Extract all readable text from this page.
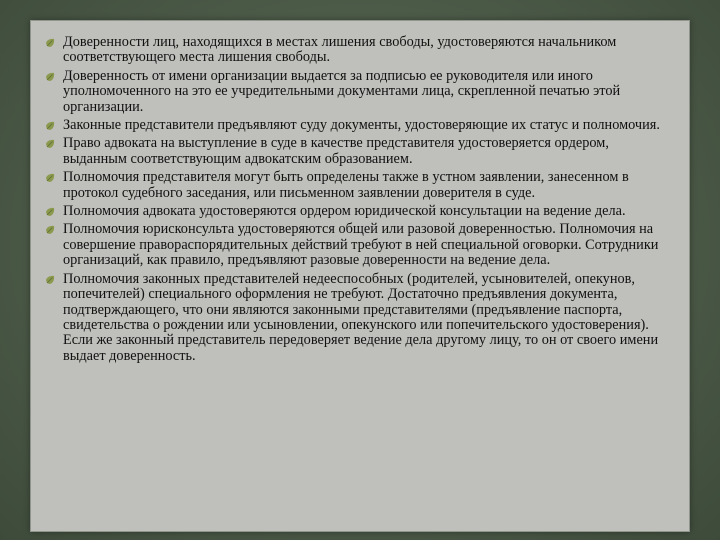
Доверенности лиц, находящихся в местах лишения свободы, удостоверяются начальником соответствующего места лишения свободы.
Доверенность от имени организации выдается за подписью ее руководителя или иного уполномоченного на это ее учредительными документами лица, скрепленной печатью этой организации.
Законные представители предъявляют суду документы, удостоверяющие их статус и полномочия.
Право адвоката на выступление в суде в качестве представителя удостоверяется ордером, выданным соответствующим адвокатским образованием.
Полномочия представителя могут быть определены также в устном заявлении, занесенном в протокол судебного заседания, или письменном заявлении доверителя в суде.
Полномочия адвоката удостоверяются ордером юридической консультации на ведение дела.
Полномочия юрисконсульта удостоверяются общей или разовой доверенностью. Полномочия на совершение правораспорядительных действий требуют в ней специальной оговорки. Сотрудники организаций, как правило, предъявляют разовые доверенности на ведение дела.
Полномочия законных представителей недееспособных (родителей, усыновителей, опекунов, попечителей) специального оформления не требуют. Достаточно предъявления документа, подтверждающего, что они являются законными представителями (предъявление паспорта, свидетельства о рождении или усыновлении, опекунского или попечительского удостоверения). Если же законный представитель передоверяет ведение дела другому лицу, то он от своего имени выдает доверенность.
